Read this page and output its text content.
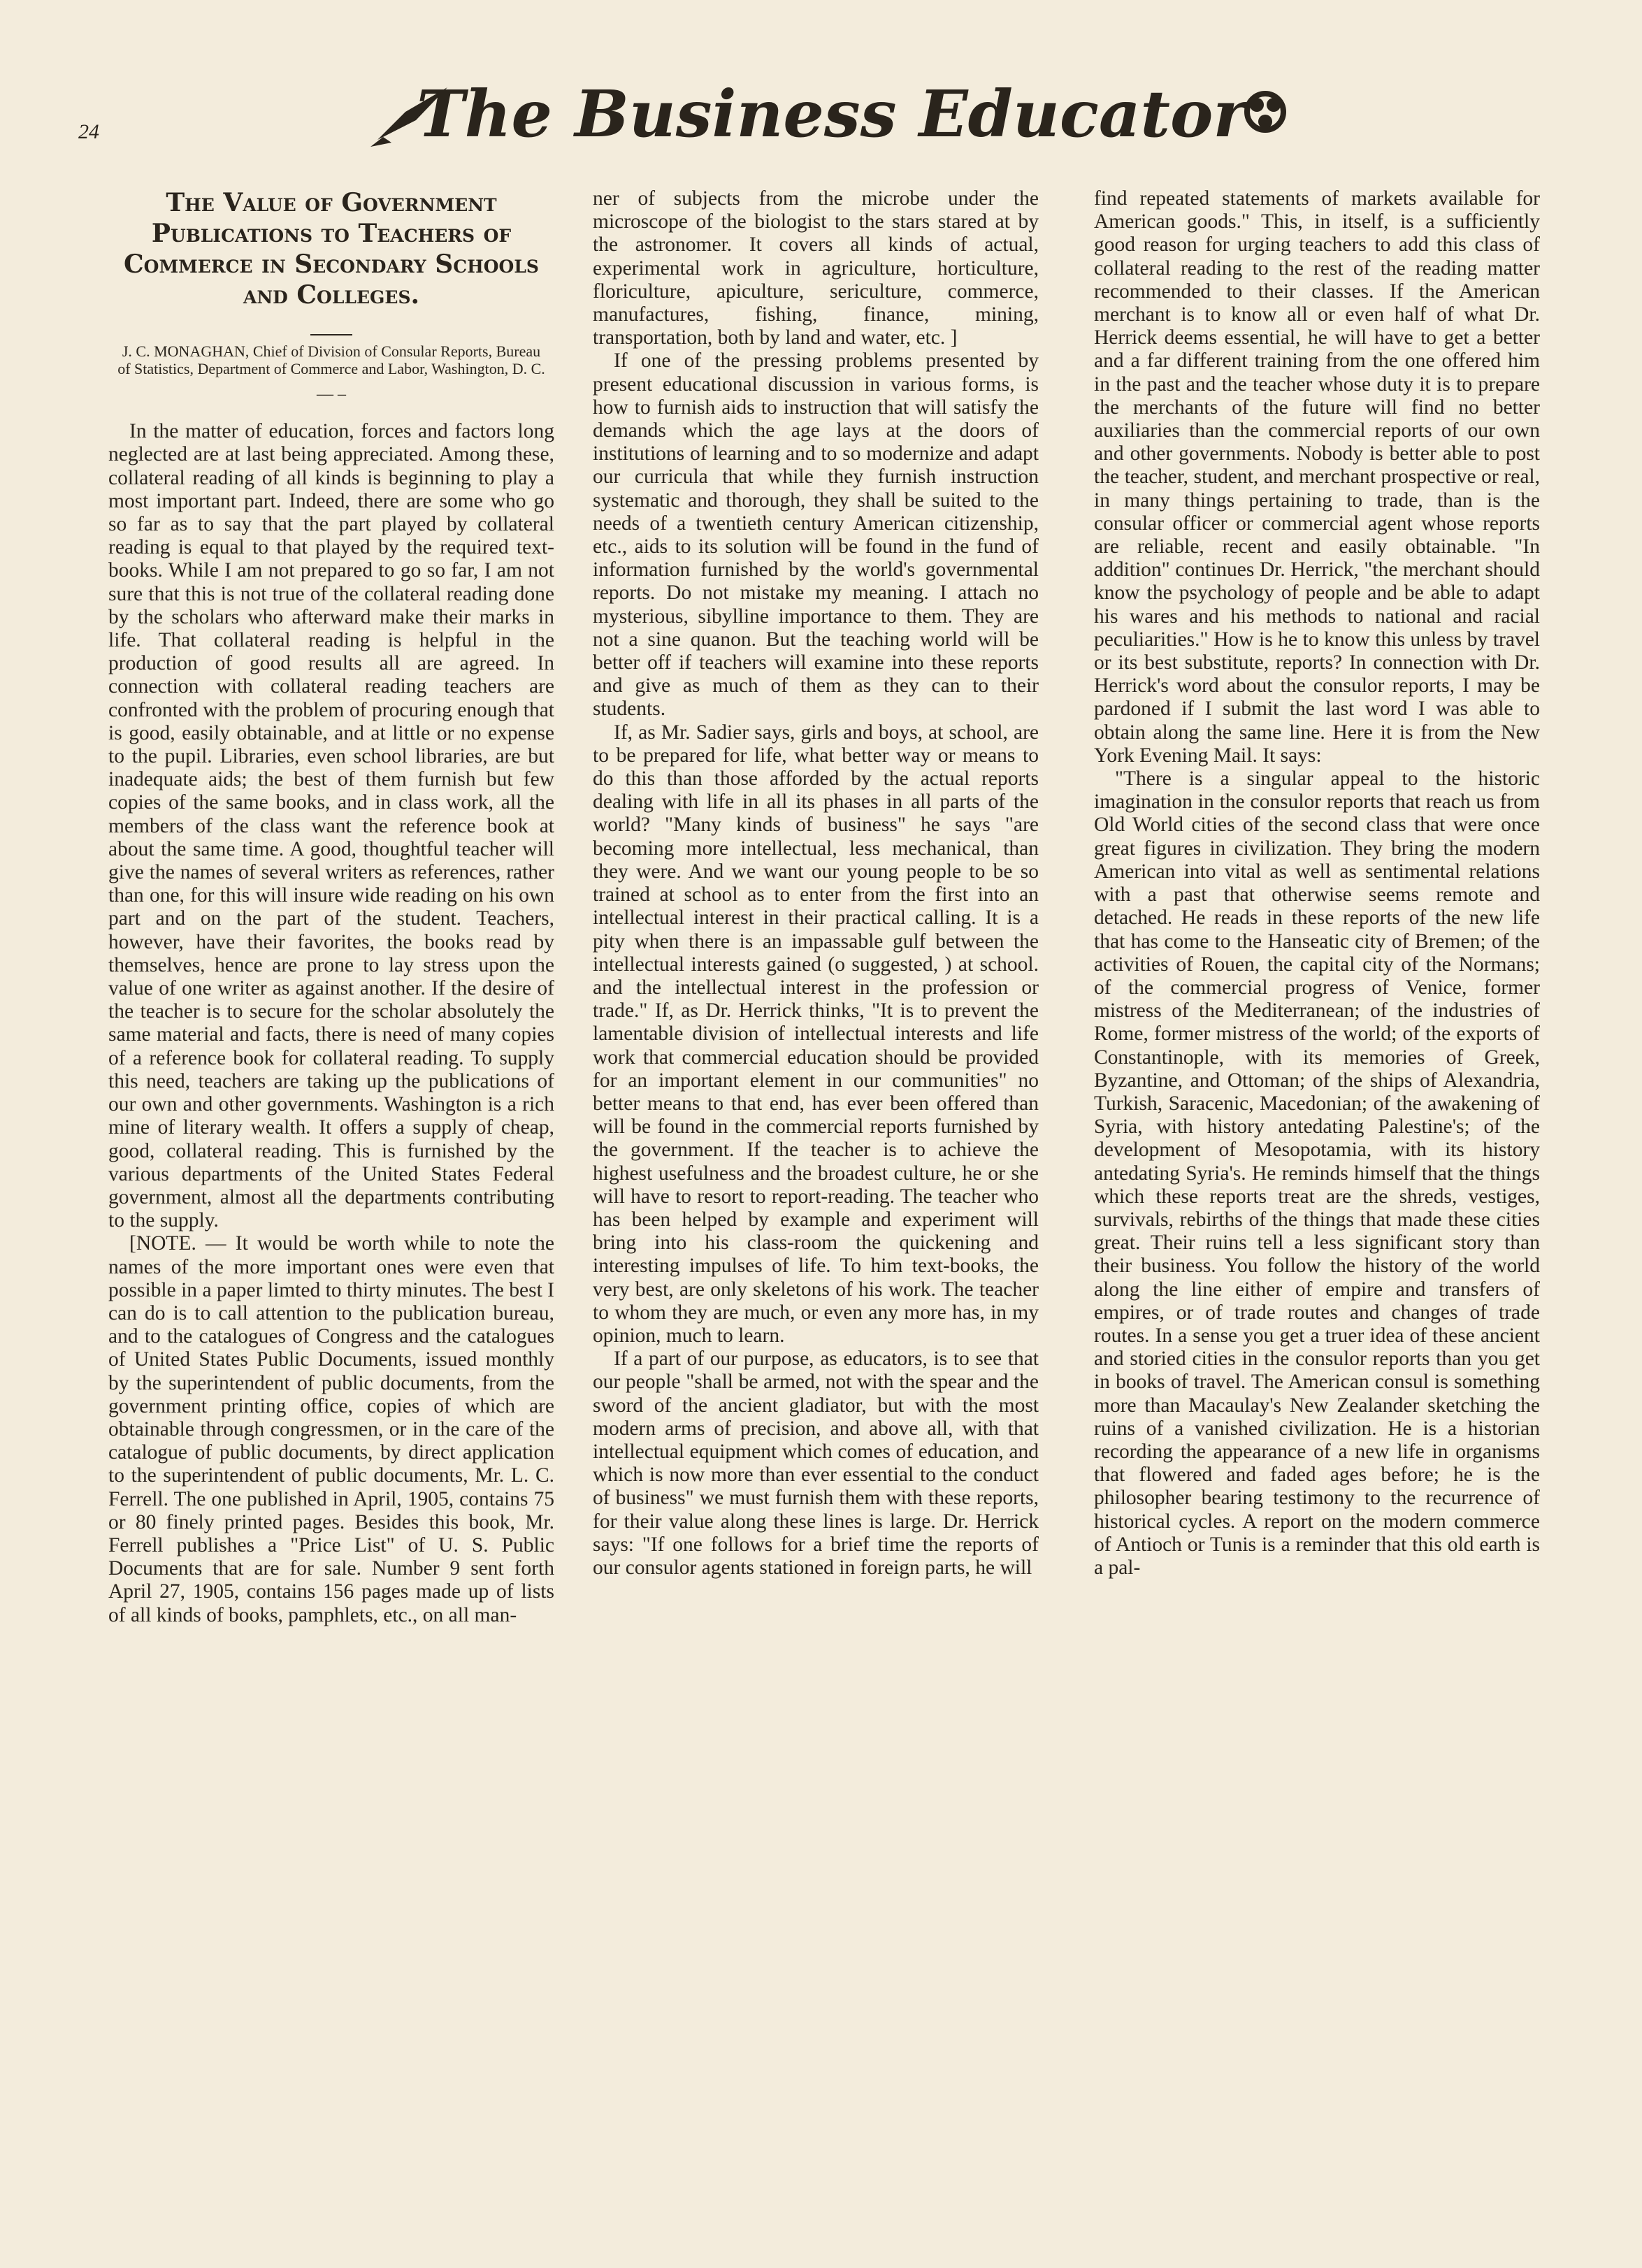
24	The Business Educator
The Value of Government Publications to Teachers of Commerce in Secondary Schools and Colleges.
J. C. MONAGHAN, Chief of Division of Consular Reports, Bureau of Statistics, Department of Commerce and Labor, Washington, D. C.
— –

In the matter of education, forces and factors long neglected are at last being appreciated. Among these, collateral reading of all kinds is beginning to play a most important part. Indeed, there are some who go so far as to say that the part played by collateral reading is equal to that played by the required text-books. While I am not prepared to go so far, I am not sure that this is not true of the collateral reading done by the scholars who afterward make their marks in life. That collateral reading is helpful in the production of good results all are agreed. In connection with collateral reading teachers are confronted with the problem of procuring enough that is good, easily obtainable, and at little or no expense to the pupil. Libraries, even school libraries, are but inadequate aids; the best of them furnish but few copies of the same books, and in class work, all the members of the class want the reference book at about the same time. A good, thoughtful teacher will give the names of several writers as references, rather than one, for this will insure wide reading on his own part and on the part of the student. Teachers, however, have their favorites, the books read by themselves, hence are prone to lay stress upon the value of one writer as against another. If the desire of the teacher is to secure for the scholar absolutely the same material and facts, there is need of many copies of a reference book for collateral reading. To supply this need, teachers are taking up the publications of our own and other governments. Washington is a rich mine of literary wealth. It offers a supply of cheap, good, collateral reading. This is furnished by the various departments of the United States Federal government, almost all the departments contributing to the supply.

[NOTE. — It would be worth while to note the names of the more important ones were even that possible in a paper limted to thirty minutes. The best I can do is to call attention to the publication bureau, and to the catalogues of Congress and the catalogues of United States Public Documents, issued monthly by the superintendent of public documents, from the government printing office, copies of which are obtainable through congressmen, or in the care of the catalogue of public documents, by direct application to the superintendent of public documents, Mr. L. C. Ferrell. The one published in April, 1905, contains 75 or 80 finely printed pages. Besides this book, Mr. Ferrell publishes a "Price List" of U. S. Public Documents that are for sale. Number 9 sent forth April 27, 1905, contains 156 pages made up of lists of all kinds of books, pamphlets, etc., on all man-

ner of subjects from the microbe under the microscope of the biologist to the stars stared at by the astronomer. It covers all kinds of actual, experimental work in agriculture, horticulture, floriculture, apiculture, sericulture, commerce, manufactures, fishing, finance, mining, transportation, both by land and water, etc. ]

If one of the pressing problems presented by present educational discussion in various forms, is how to furnish aids to instruction that will satisfy the demands which the age lays at the doors of institutions of learning and to so modernize and adapt our curricula that while they furnish instruction systematic and thorough, they shall be suited to the needs of a twentieth century American citizenship, etc., aids to its solution will be found in the fund of information furnished by the world's governmental reports. Do not mistake my meaning. I attach no mysterious, sibylline importance to them. They are not a sine quanon. But the teaching world will be better off if teachers will examine into these reports and give as much of them as they can to their students.

If, as Mr. Sadier says, girls and boys, at school, are to be prepared for life, what better way or means to do this than those afforded by the actual reports dealing with life in all its phases in all parts of the world? "Many kinds of business" he says "are becoming more intellectual, less mechanical, than they were. And we want our young people to be so trained at school as to enter from the first into an intellectual interest in their practical calling. It is a pity when there is an impassable gulf between the intellectual interests gained (o suggested, ) at school. and the intellectual interest in the profession or trade." If, as Dr. Herrick thinks, "It is to prevent the lamentable division of intellectual interests and life work that commercial education should be provided for an important element in our communities" no better means to that end, has ever been offered than will be found in the commercial reports furnished by the government. If the teacher is to achieve the highest usefulness and the broadest culture, he or she will have to resort to report-reading. The teacher who has been helped by example and experiment will bring into his class-room the quickening and interesting impulses of life. To him text-books, the very best, are only skeletons of his work. The teacher to whom they are much, or even any more has, in my opinion, much to learn.

If a part of our purpose, as educators, is to see that our people "shall be armed, not with the spear and the sword of the ancient gladiator, but with the most modern arms of precision, and above all, with that intellectual equipment which comes of education, and which is now more than ever essential to the conduct of business" we must furnish them with these reports, for their value along these lines is large. Dr. Herrick says: "If one follows for a brief time the reports of our consulor agents stationed in foreign parts, he will

find repeated statements of markets available for American goods." This, in itself, is a sufficiently good reason for urging teachers to add this class of collateral reading to the rest of the reading matter recommended to their classes. If the American merchant is to know all or even half of what Dr. Herrick deems essential, he will have to get a better and a far different training from the one offered him in the past and the teacher whose duty it is to prepare the merchants of the future will find no better auxiliaries than the commercial reports of our own and other governments. Nobody is better able to post the teacher, student, and merchant prospective or real, in many things pertaining to trade, than is the consular officer or commercial agent whose reports are reliable, recent and easily obtainable. "In addition" continues Dr. Herrick, "the merchant should know the psychology of people and be able to adapt his wares and his methods to national and racial peculiarities." How is he to know this unless by travel or its best substitute, reports? In connection with Dr. Herrick's word about the consulor reports, I may be pardoned if I submit the last word I was able to obtain along the same line. Here it is from the New York Evening Mail. It says:

"There is a singular appeal to the historic imagination in the consulor reports that reach us from Old World cities of the second class that were once great figures in civilization. They bring the modern American into vital as well as sentimental relations with a past that otherwise seems remote and detached. He reads in these reports of the new life that has come to the Hanseatic city of Bremen; of the activities of Rouen, the capital city of the Normans; of the commercial progress of Venice, former mistress of the Mediterranean; of the industries of Rome, former mistress of the world; of the exports of Constantinople, with its memories of Greek, Byzantine, and Ottoman; of the ships of Alexandria, Turkish, Saracenic, Macedonian; of the awakening of Syria, with history antedating Palestine's; of the development of Mesopotamia, with its history antedating Syria's. He reminds himself that the things which these reports treat are the shreds, vestiges, survivals, rebirths of the things that made these cities great. Their ruins tell a less significant story than their business. You follow the history of the world along the line either of empire and transfers of empires, or of trade routes and changes of trade routes. In a sense you get a truer idea of these ancient and storied cities in the consulor reports than you get in books of travel. The American consul is something more than Macaulay's New Zealander sketching the ruins of a vanished civilization. He is a historian recording the appearance of a new life in organisms that flowered and faded ages before; he is the philosopher bearing testimony to the recurrence of historical cycles. A report on the modern commerce of Antioch or Tunis is a reminder that this old earth is a pal-
